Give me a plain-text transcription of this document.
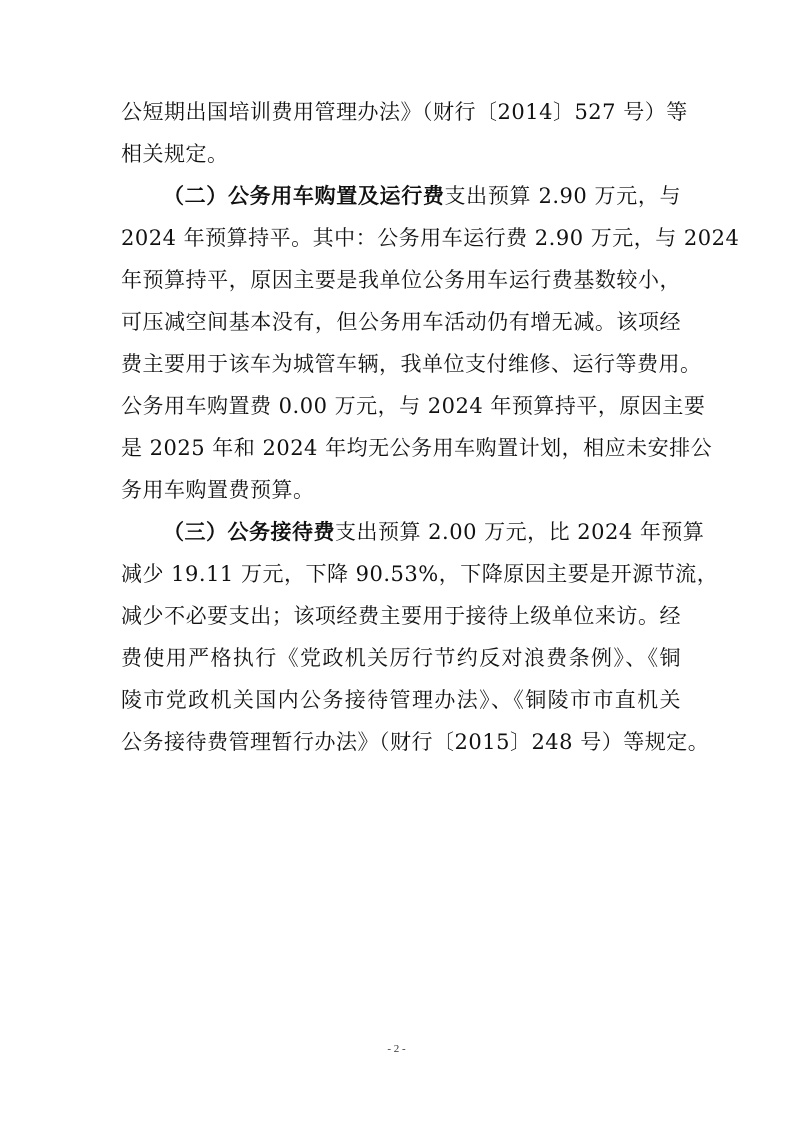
公短期出国培训费用管理办法》（财行〔2014〕527 号）等
相关规定。
（二）公务用车购置及运行费支出预算 2.90 万元，与
2024 年预算持平。其中：公务用车运行费 2.90 万元，与 2024
年预算持平，原因主要是我单位公务用车运行费基数较小，
可压减空间基本没有，但公务用车活动仍有增无减。该项经
费主要用于该车为城管车辆，我单位支付维修、运行等费用。
公务用车购置费 0.00 万元，与 2024 年预算持平，原因主要
是 2025 年和 2024 年均无公务用车购置计划，相应未安排公
务用车购置费预算。
（三）公务接待费支出预算 2.00 万元，比 2024 年预算
减少 19.11 万元，下降 90.53%，下降原因主要是开源节流，
减少不必要支出；该项经费主要用于接待上级单位来访。经
费使用严格执行《党政机关厉行节约反对浪费条例》、《铜
陵市党政机关国内公务接待管理办法》、《铜陵市市直机关
公务接待费管理暂行办法》（财行〔2015〕248 号）等规定。
- 2 -
